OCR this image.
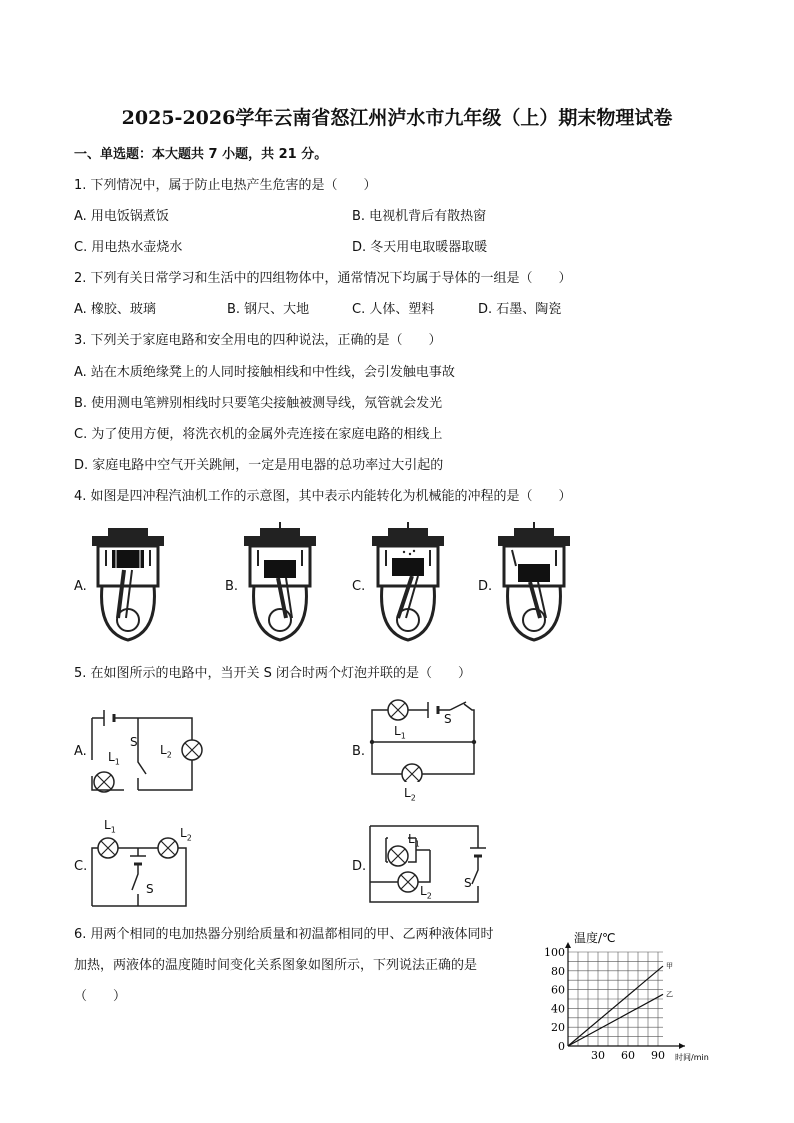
2025-2026学年云南省怒江州泸水市九年级（上）期末物理试卷
一、单选题：本大题共 7 小题，共 21 分。
1. 下列情况中，属于防止电热产生危害的是（　　）
A. 用电饭锅煮饭	B. 电视机背后有散热窗
C. 用电热水壶烧水	D. 冬天用电取暖器取暖
2. 下列有关日常学习和生活中的四组物体中，通常情况下均属于导体的一组是（　　）
A. 橡胶、玻璃	B. 钢尺、大地	C. 人体、塑料	D. 石墨、陶瓷
3. 下列关于家庭电路和安全用电的四种说法，正确的是（　　）
A. 站在木质绝缘凳上的人同时接触相线和中性线，会引发触电事故
B. 使用测电笔辨别相线时只要笔尖接触被测导线，氖管就会发光
C. 为了使用方便，将洗衣机的金属外壳连接在家庭电路的相线上
D. 家庭电路中空气开关跳闸，一定是用电器的总功率过大引起的
4. 如图是四冲程汽油机工作的示意图，其中表示内能转化为机械能的冲程的是（　　）
A.	B.	C.	D.
5. 在如图所示的电路中，当开关 S 闭合时两个灯泡并联的是（　　）
A.
S
$L_2$
$L_1$
B.
S
$L_1$
$L_2$
C.
$L_1$	$L_2$
S
D.
$L_1$
$L_2$
S
6. 用两个相同的电加热器分别给质量和初温都相同的甲、乙两种液体同时
加热，两液体的温度随时间变化关系图象如图所示，下列说法正确的是
（　　）
甲
乙
0
20
40
60
80
100
30 60 90
温度/℃
时间/min
